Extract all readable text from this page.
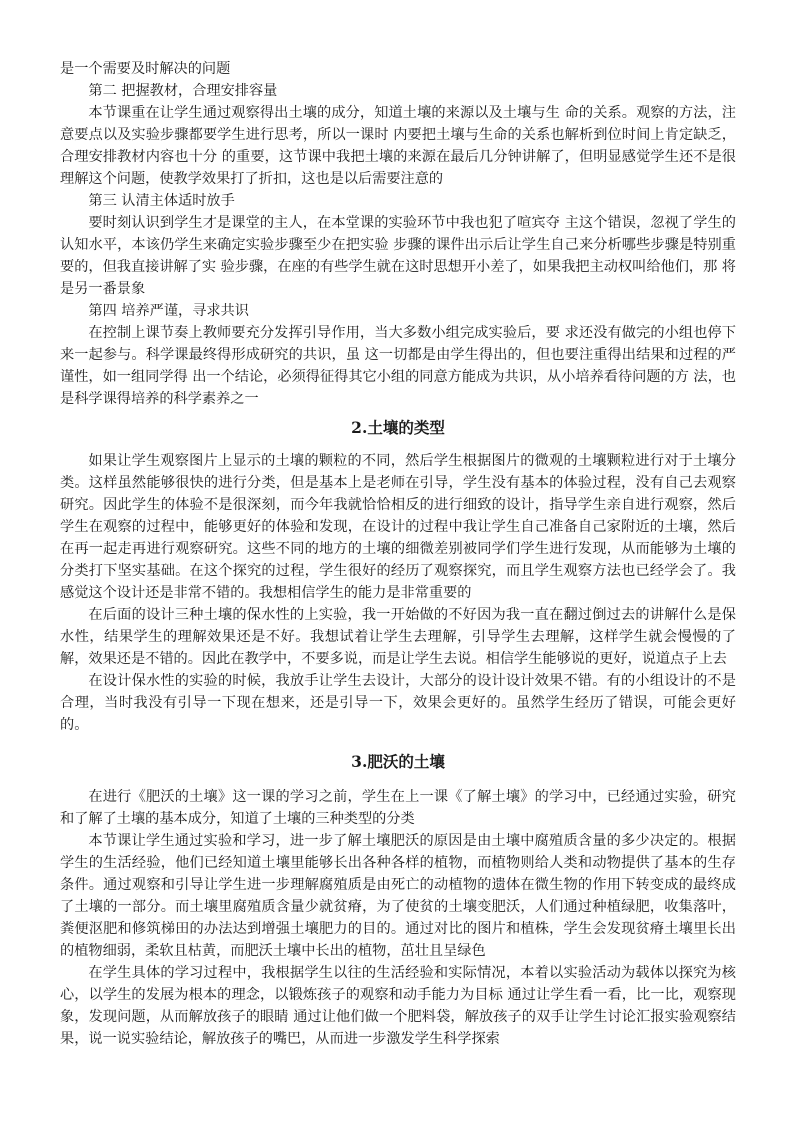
是一个需要及时解决的问题

第二 把握教材，合理安排容量

本节课重在让学生通过观察得出土壤的成分，知道土壤的来源以及土壤与生 命的关系。观察的方法，注意要点以及实验步骤都要学生进行思考，所以一课时 内要把土壤与生命的关系也解析到位时间上肯定缺乏，合理安排教材内容也十分 的重要，这节课中我把土壤的来源在最后几分钟讲解了，但明显感觉学生还不是很理解这个问题，使教学效果打了折扣，这也是以后需要注意的

第三 认清主体适时放手

要时刻认识到学生才是课堂的主人，在本堂课的实验环节中我也犯了喧宾夺 主这个错误，忽视了学生的认知水平，本该仍学生来确定实验步骤至少在把实验 步骤的课件出示后让学生自己来分析哪些步骤是特别重要的，但我直接讲解了实 验步骤，在座的有些学生就在这时思想开小差了，如果我把主动权叫给他们，那 将是另一番景象

第四 培养严谨，寻求共识

在控制上课节奏上教师要充分发挥引导作用，当大多数小组完成实验后，要 求还没有做完的小组也停下来一起参与。科学课最终得形成研究的共识，虽 这一切都是由学生得出的，但也要注重得出结果和过程的严谨性，如一组同学得 出一个结论，必须得征得其它小组的同意方能成为共识，从小培养看待问题的方 法，也是科学课得培养的科学素养之一

2.土壤的类型

如果让学生观察图片上显示的土壤的颗粒的不同，然后学生根据图片的微观的土壤颗粒进行对于土壤分类。这样虽然能够很快的进行分类，但是基本上是老师在引导，学生没有基本的体验过程，没有自己去观察研究。因此学生的体验不是很深刻，而今年我就恰恰相反的进行细致的设计，指导学生亲自进行观察，然后学生在观察的过程中，能够更好的体验和发现，在设计的过程中我让学生自己准备自己家附近的土壤，然后在再一起走再进行观察研究。这些不同的地方的土壤的细微差别被同学们学生进行发现，从而能够为土壤的分类打下坚实基础。在这个探究的过程，学生很好的经历了观察探究，而且学生观察方法也已经学会了。我感觉这个设计还是非常不错的。我想相信学生的能力是非常重要的

在后面的设计三种土壤的保水性的上实验，我一开始做的不好因为我一直在翻过倒过去的讲解什么是保水性，结果学生的理解效果还是不好。我想试着让学生去理解，引导学生去理解，这样学生就会慢慢的了解，效果还是不错的。因此在教学中，不要多说，而是让学生去说。相信学生能够说的更好，说道点子上去

在设计保水性的实验的时候，我放手让学生去设计，大部分的设计设计效果不错。有的小组设计的不是合理，当时我没有引导一下现在想来，还是引导一下，效果会更好的。虽然学生经历了错误，可能会更好的。

3.肥沃的土壤

在进行《肥沃的土壤》这一课的学习之前，学生在上一课《了解土壤》的学习中，已经通过实验，研究和了解了土壤的基本成分，知道了土壤的三种类型的分类

本节课让学生通过实验和学习，进一步了解土壤肥沃的原因是由土壤中腐殖质含量的多少决定的。根据学生的生活经验，他们已经知道土壤里能够长出各种各样的植物，而植物则给人类和动物提供了基本的生存条件。通过观察和引导让学生进一步理解腐殖质是由死亡的动植物的遗体在微生物的作用下转变成的最终成了土壤的一部分。而土壤里腐殖质含量少就贫瘠，为了使贫的土壤变肥沃，人们通过种植绿肥，收集落叶，粪便沤肥和修筑梯田的办法达到增强土壤肥力的目的。通过对比的图片和植株，学生会发现贫瘠土壤里长出的植物细弱，柔软且枯黄，而肥沃土壤中长出的植物，茁壮且呈绿色

在学生具体的学习过程中，我根据学生以往的生活经验和实际情况，本着以实验活动为载体以探究为核心，以学生的发展为根本的理念，以锻炼孩子的观察和动手能力为目标 通过让学生看一看，比一比，观察现象，发现问题，从而解放孩子的眼睛 通过让他们做一个肥料袋，解放孩子的双手让学生讨论汇报实验观察结果，说一说实验结论，解放孩子的嘴巴，从而进一步激发学生科学探索
